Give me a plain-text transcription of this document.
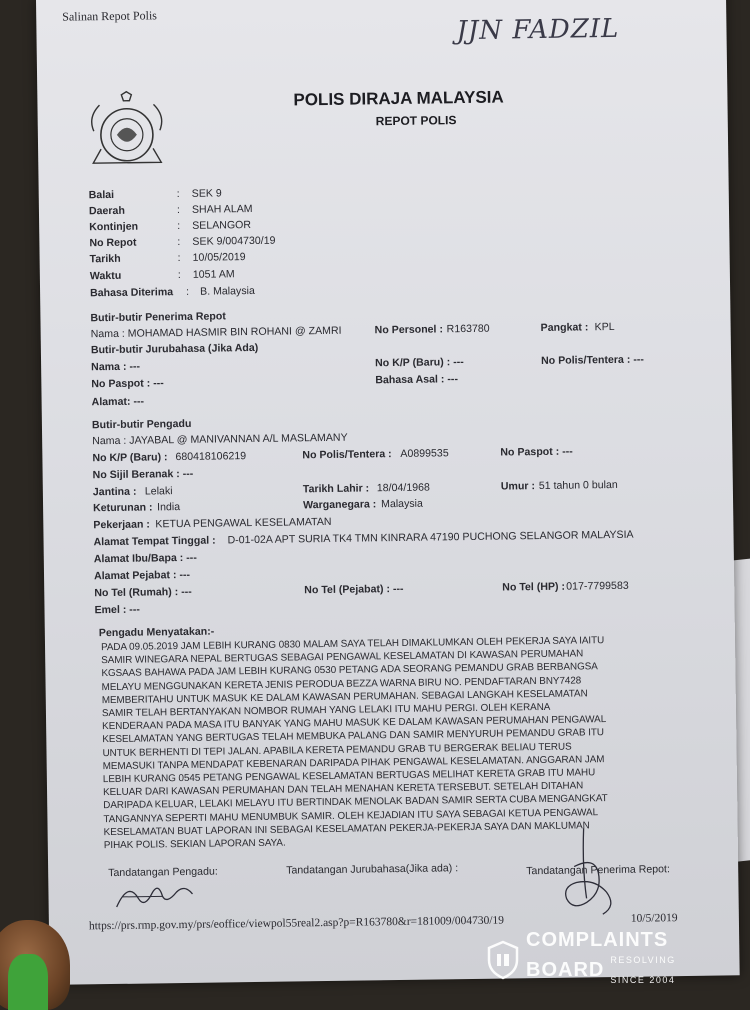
Salinan Repot Polis	JJN FADZIL
POLIS DIRAJA MALAYSIA
REPOT POLIS
Balai	: SEK 9
Daerah	: SHAH ALAM
Kontinjen	: SELANGOR
No Repot	: SEK 9/004730/19
Tarikh	: 10/05/2019
Waktu	: 1051 AM
Bahasa Diterima : B. Malaysia
Butir-butir Penerima Repot
Nama : MOHAMAD HASMIR BIN ROHANI @ ZAMRI	No Personel : R163780	Pangkat : KPL
Butir-butir Jurubahasa (Jika Ada)
Nama : ---	No K/P (Baru) : ---	No Polis/Tentera : ---
No Paspot : ---	Bahasa Asal : ---
Alamat: ---
Butir-butir Pengadu
Nama : JAYABAL @ MANIVANNAN A/L MASLAMANY
No K/P (Baru) : 680418106219	No Polis/Tentera : A0899535	No Paspot : ---
No Sijil Beranak : ---
Jantina : Lelaki	Tarikh Lahir : 18/04/1968	Umur : 51 tahun 0 bulan
Keturunan : India	Warganegara : Malaysia
Pekerjaan : KETUA PENGAWAL KESELAMATAN
Alamat Tempat Tinggal : D-01-02A APT SURIA TK4 TMN KINRARA 47190 PUCHONG SELANGOR MALAYSIA
Alamat Ibu/Bapa : ---
Alamat Pejabat : ---
No Tel (Rumah) : ---	No Tel (Pejabat) : ---	No Tel (HP) : 017-7799583
Emel : ---
Pengadu Menyatakan:-
PADA 09.05.2019 JAM LEBIH KURANG 0830 MALAM SAYA TELAH DIMAKLUMKAN OLEH PEKERJA SAYA IAITU
SAMIR WINEGARA NEPAL BERTUGAS SEBAGAI PENGAWAL KESELAMATAN DI KAWASAN PERUMAHAN
KGSAAS BAHAWA PADA JAM LEBIH KURANG 0530 PETANG ADA SEORANG PEMANDU GRAB BERBANGSA
MELAYU MENGGUNAKAN KERETA JENIS PERODUA BEZZA WARNA BIRU NO. PENDAFTARAN BNY7428
MEMBERITAHU UNTUK MASUK KE DALAM KAWASAN PERUMAHAN. SEBAGAI LANGKAH KESELAMATAN
SAMIR TELAH BERTANYAKAN NOMBOR RUMAH YANG LELAKI ITU MAHU PERGI. OLEH KERANA
KENDERAAN PADA MASA ITU BANYAK YANG MAHU MASUK KE DALAM KAWASAN PERUMAHAN PENGAWAL
KESELAMATAN YANG BERTUGAS TELAH MEMBUKA PALANG DAN SAMIR MENYURUH PEMANDU GRAB ITU
UNTUK BERHENTI DI TEPI JALAN. APABILA KERETA PEMANDU GRAB TU BERGERAK BELIAU TERUS
MEMASUKI TANPA MENDAPAT KEBENARAN DARIPADA PIHAK PENGAWAL KESELAMATAN. ANGGARAN JAM
LEBIH KURANG 0545 PETANG PENGAWAL KESELAMATAN BERTUGAS MELIHAT KERETA GRAB ITU MAHU
KELUAR DARI KAWASAN PERUMAHAN DAN TELAH MENAHAN KERETA TERSEBUT. SETELAH DITAHAN
DARIPADA KELUAR, LELAKI MELAYU ITU BERTINDAK MENOLAK BADAN SAMIR SERTA CUBA MENGANGKAT
TANGANNYA SEPERTI MAHU MENUMBUK SAMIR. OLEH KEJADIAN ITU SAYA SEBAGAI KETUA PENGAWAL
KESELAMATAN BUAT LAPORAN INI SEBAGAI KESELAMATAN PEKERJA-PEKERJA SAYA DAN MAKLUMAN
PIHAK POLIS. SEKIAN LAPORAN SAYA.
Tandatangan Pengadu:	Tandatangan Jurubahasa(Jika ada) :	Tandatangan Penerima Repot:
https://prs.rmp.gov.my/prs/eoffice/viewpol55real2.asp?p=R163780&r=181009/004730/19	10/5/2019
COMPLAINTS
BOARD RESOLVING
SINCE 2004
